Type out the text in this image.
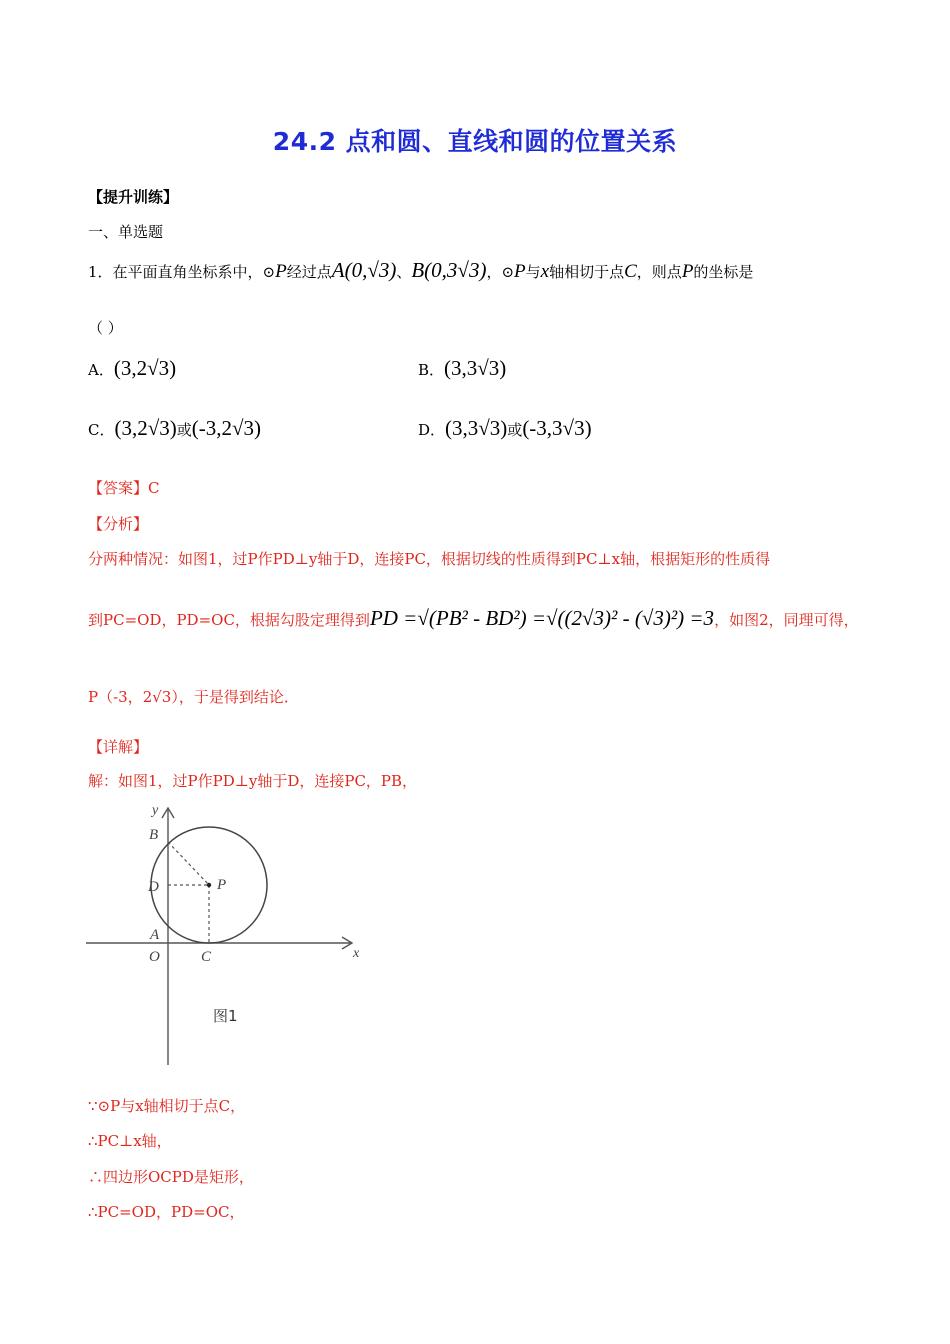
24.2 点和圆、直线和圆的位置关系
【提升训练】
一、单选题
1．在平面直角坐标系中，⊙P经过点A(0,√3)、B(0,3√3)，⊙P与x轴相切于点C，则点P的坐标是
（ ）
A．(3,2√3)	B．(3,3√3)
C．(3,2√3)或(-3,2√3)	D．(3,3√3)或(-3,3√3)
【答案】C
【分析】
分两种情况：如图1，过P作PD⊥y轴于D，连接PC，根据切线的性质得到PC⊥x轴，根据矩形的性质得
到PC=OD，PD=OC，根据勾股定理得到PD =√(PB² - BD²) =√((2√3)² - (√3)²) =3，如图2，同理可得，
P（-3，2√3），于是得到结论．
【详解】
解：如图1，过P作PD⊥y轴于D，连接PC，PB，
x
y
B
D	P
A
O	C
图1
∵⊙P与x轴相切于点C，
∴PC⊥x轴，
∴四边形OCPD是矩形，
∴PC=OD，PD=OC，
